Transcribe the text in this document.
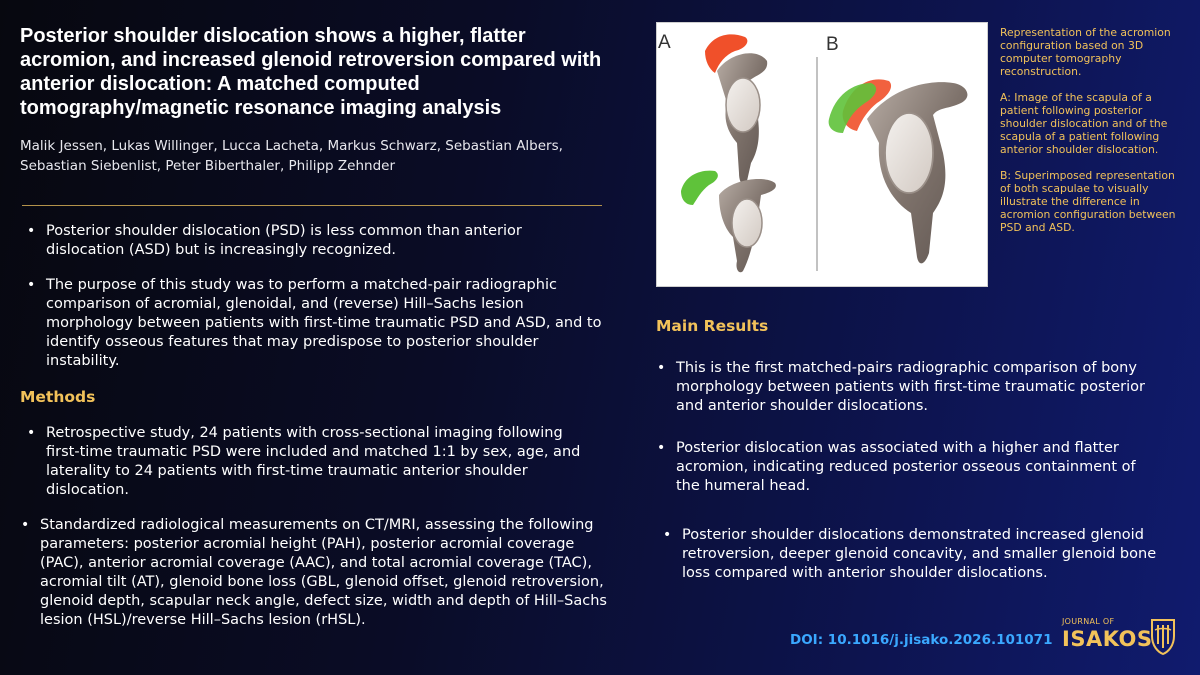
Posterior shoulder dislocation shows a higher, flatter acromion, and increased glenoid retroversion compared with anterior dislocation: A matched computed tomography/magnetic resonance imaging analysis
Malik Jessen, Lukas Willinger, Lucca Lacheta, Markus Schwarz, Sebastian Albers, Sebastian Siebenlist, Peter Biberthaler, Philipp Zehnder
• Posterior shoulder dislocation (PSD) is less common than anterior dislocation (ASD) but is increasingly recognized.
• The purpose of this study was to perform a matched-pair radiographic comparison of acromial, glenoidal, and (reverse) Hill–Sachs lesion morphology between patients with first-time traumatic PSD and ASD, and to identify osseous features that may predispose to posterior shoulder instability.
Methods
• Retrospective study, 24 patients with cross-sectional imaging following first-time traumatic PSD were included and matched 1:1 by sex, age, and laterality to 24 patients with first-time traumatic anterior shoulder dislocation.
• Standardized radiological measurements on CT/MRI, assessing the following parameters: posterior acromial height (PAH), posterior acromial coverage (PAC), anterior acromial coverage (AAC), and total acromial coverage (TAC), acromial tilt (AT), glenoid bone loss (GBL, glenoid offset, glenoid retroversion, glenoid depth, scapular neck angle, defect size, width and depth of Hill–Sachs lesion (HSL)/reverse Hill–Sachs lesion (rHSL).
A	B

Representation of the acromion configuration based on 3D computer tomography reconstruction.

A: Image of the scapula of a patient following posterior shoulder dislocation and of the scapula of a patient following anterior shoulder dislocation.

B: Superimposed representation of both scapulae to visually illustrate the difference in acromion configuration between PSD and ASD.

Main Results
• This is the first matched-pairs radiographic comparison of bony morphology between patients with first-time traumatic posterior and anterior shoulder dislocations.
• Posterior dislocation was associated with a higher and flatter acromion, indicating reduced posterior osseous containment of the humeral head.
• Posterior shoulder dislocations demonstrated increased glenoid retroversion, deeper glenoid concavity, and smaller glenoid bone loss compared with anterior shoulder dislocations.
DOI: 10.1016/j.jisako.2026.101071
JOURNAL OF
ISAKOS
